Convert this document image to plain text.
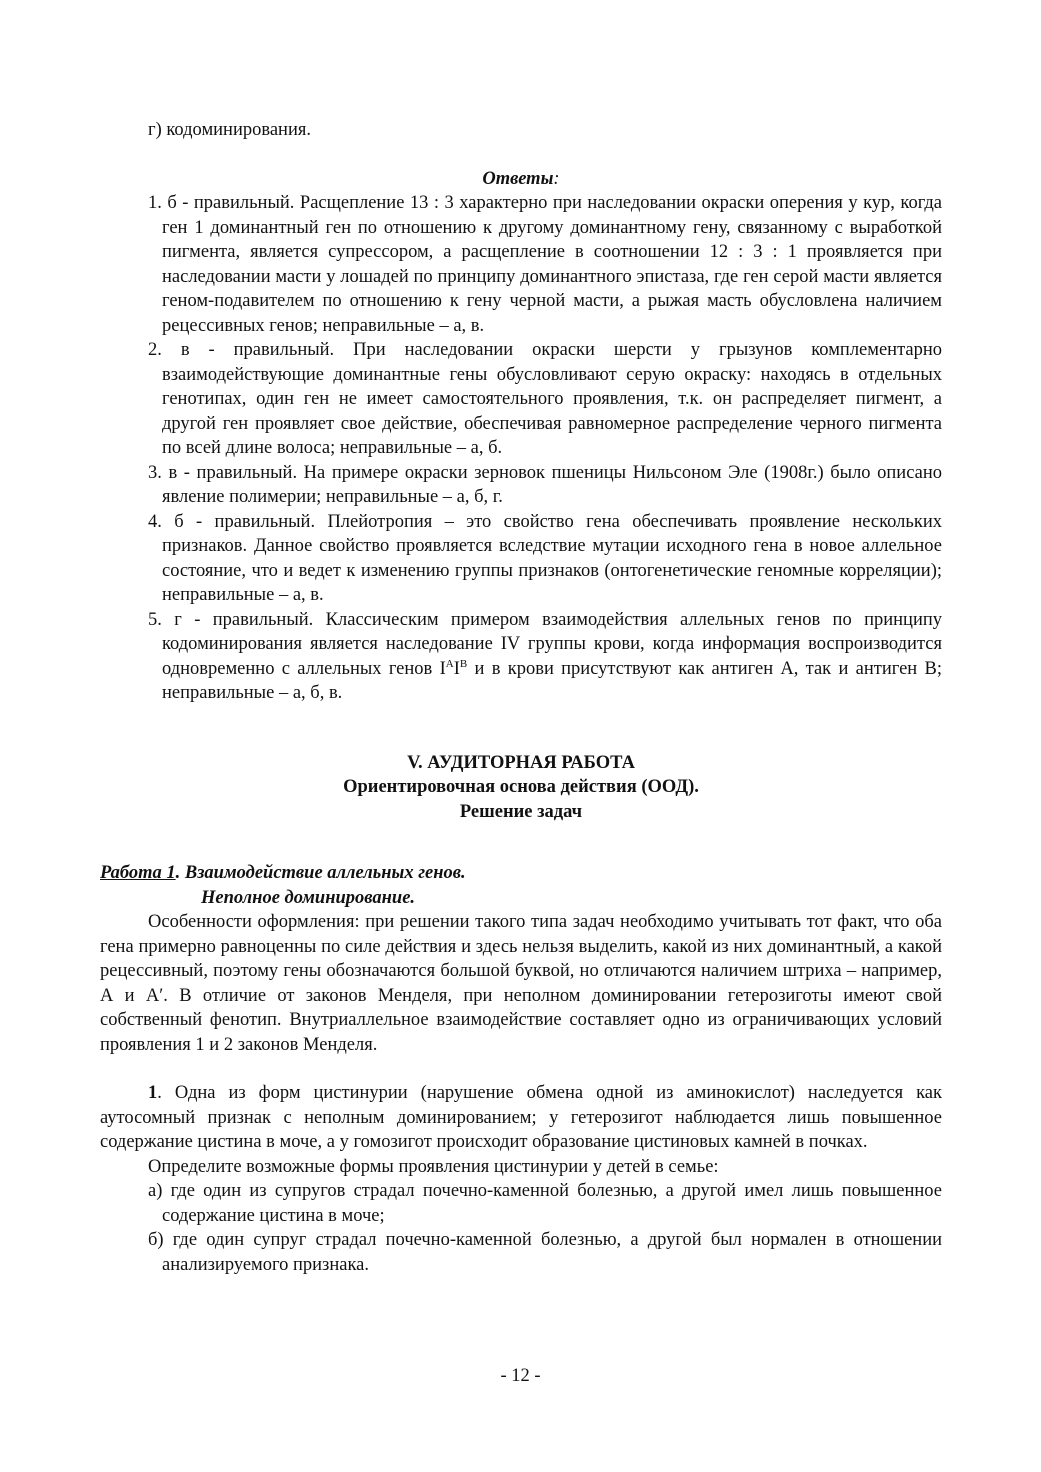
г) кодоминирования.

Ответы:

1. б - правильный. Расщепление 13 : 3 характерно при наследовании окраски оперения у кур, когда ген 1 доминантный ген по отношению к другому доминантному гену, связанному с выработкой пигмента, является супрессором, а расщепление в соотношении 12 : 3 : 1 проявляется при наследовании масти у лошадей по принципу доминантного эпистаза, где ген серой масти является геном-подавителем по отношению к гену черной масти, а рыжая масть обусловлена наличием рецессивных генов; неправильные – а, в.
2. в - правильный. При наследовании окраски шерсти у грызунов комплементарно взаимодействующие доминантные гены обусловливают серую окраску: находясь в отдельных генотипах, один ген не имеет самостоятельного проявления, т.к. он распределяет пигмент, а другой ген проявляет свое действие, обеспечивая равномерное распределение черного пигмента по всей длине волоса; неправильные – а, б.
3. в - правильный. На примере окраски зерновок пшеницы Нильсоном Эле (1908г.) было описано явление полимерии; неправильные – а, б, г.
4. б - правильный. Плейотропия – это свойство гена обеспечивать проявление нескольких признаков. Данное свойство проявляется вследствие мутации исходного гена в новое аллельное состояние, что и ведет к изменению группы признаков (онтогенетические геномные корреляции); неправильные – а, в.
5. г - правильный. Классическим примером взаимодействия аллельных генов по принципу кодоминирования является наследование IV группы крови, когда информация воспроизводится одновременно с аллельных генов $I^AI^B$ и в крови присутствуют как антиген А, так и антиген В; неправильные – а, б, в.

V. АУДИТОРНАЯ РАБОТА

Ориентировочная основа действия (ООД).

Решение задач

Работа 1. Взаимодействие аллельных генов.

Неполное доминирование.

Особенности оформления: при решении такого типа задач необходимо учитывать тот факт, что оба гена примерно равноценны по силе действия и здесь нельзя выделить, какой из них доминантный, а какой рецессивный, поэтому гены обозначаются большой буквой, но отличаются наличием штриха – например, А и А′. В отличие от законов Менделя, при неполном доминировании гетерозиготы имеют свой собственный фенотип. Внутриаллельное взаимодействие составляет одно из ограничивающих условий проявления 1 и 2 законов Менделя.

1. Одна из форм цистинурии (нарушение обмена одной из аминокислот) наследуется как аутосомный признак с неполным доминированием; у гетерозигот наблюдается лишь повышенное содержание цистина в моче, а у гомозигот происходит образование цистиновых камней в почках.

Определите возможные формы проявления цистинурии у детей в семье:

а) где один из супругов страдал почечно-каменной болезнью, а другой имел лишь повышенное содержание цистина в моче;
б) где один супруг страдал почечно-каменной болезнью, а другой был нормален в отношении анализируемого признака.
- 12 -
